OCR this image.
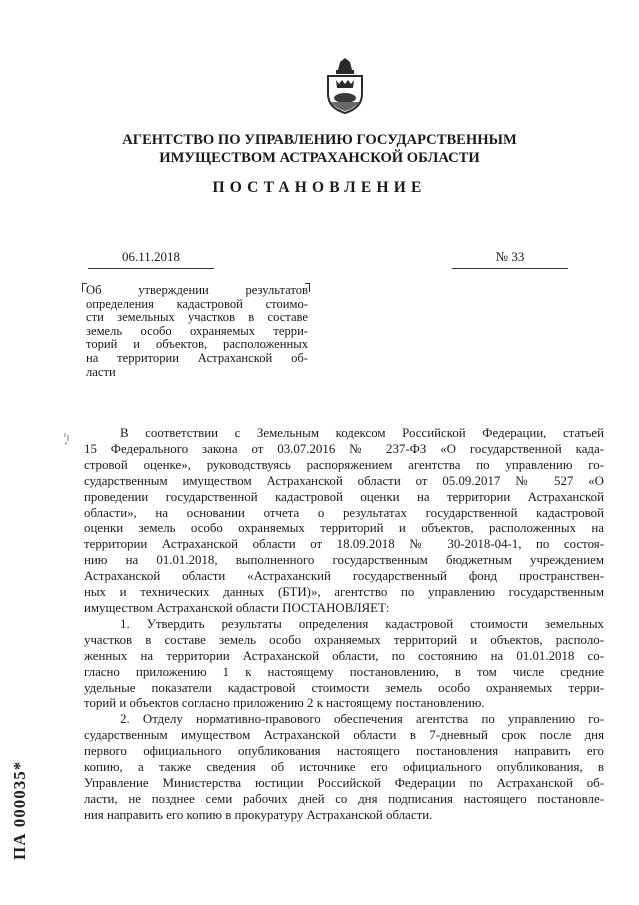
АГЕНТСТВО ПО УПРАВЛЕНИЮ ГОСУДАРСТВЕННЫМ
ИМУЩЕСТВОМ АСТРАХАНСКОЙ ОБЛАСТИ
ПОСТАНОВЛЕНИЕ
06.11.2018	№ 33
Об утверждении результатов
определения кадастровой стоимо-
сти земельных участков в составе
земель особо охраняемых терри-
торий и объектов, расположенных
на территории Астраханской об-
ласти
В соответствии с Земельным кодексом Российской Федерации, статьей
15 Федерального закона от 03.07.2016 № 237-ФЗ «О государственной када-
стровой оценке», руководствуясь распоряжением агентства по управлению го-
сударственным имуществом Астраханской области от 05.09.2017 № 527 «О
проведении государственной кадастровой оценки на территории Астраханской
области», на основании отчета о результатах государственной кадастровой
оценки земель особо охраняемых территорий и объектов, расположенных на
территории Астраханской области от 18.09.2018 № 30-2018-04-1, по состоя-
нию на 01.01.2018, выполненного государственным бюджетным учреждением
Астраханской области «Астраханский государственный фонд пространствен-
ных и технических данных (БТИ)», агентство по управлению государственным
имуществом Астраханской области ПОСТАНОВЛЯЕТ:
1. Утвердить результаты определения кадастровой стоимости земельных
участков в составе земель особо охраняемых территорий и объектов, располо-
женных на территории Астраханской области, по состоянию на 01.01.2018 со-
гласно приложению 1 к настоящему постановлению, в том числе средние
удельные показатели кадастровой стоимости земель особо охраняемых терри-
торий и объектов согласно приложению 2 к настоящему постановлению.
2. Отделу нормативно-правового обеспечения агентства по управлению го-
сударственным имуществом Астраханской области в 7-дневный срок после дня
первого официального опубликования настоящего постановления направить его
копию, а также сведения об источнике его официального опубликования, в
Управление Министерства юстиции Российской Федерации по Астраханской об-
ласти, не позднее семи рабочих дней со дня подписания настоящего постановле-
ния направить его копию в прокуратуру Астраханской области.
ПА 000035*
